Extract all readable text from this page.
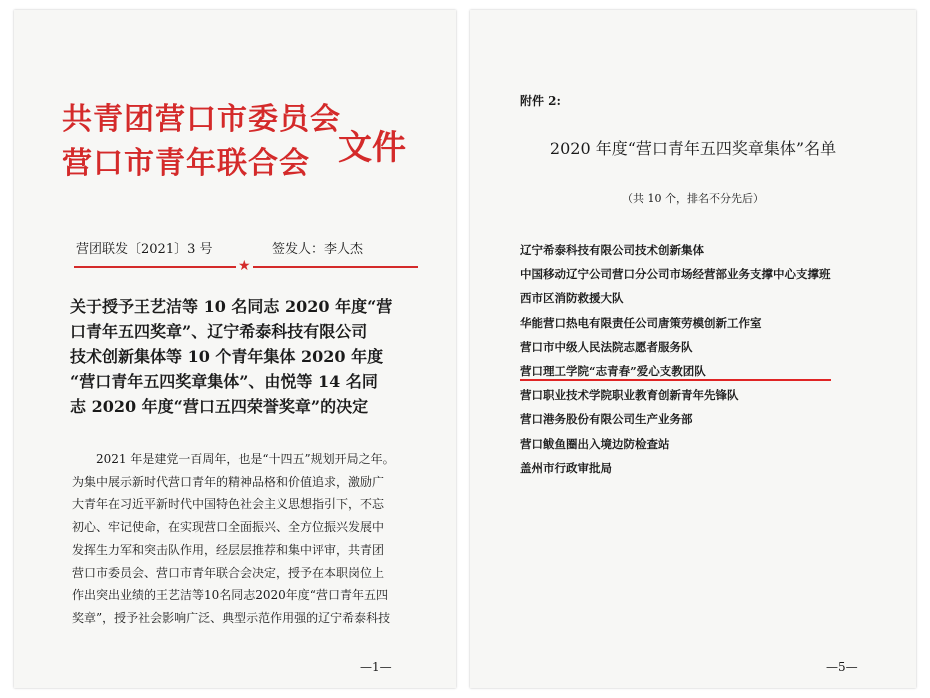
共青团营口市委员会
营口市青年联合会 文件
营团联发〔2021〕3 号	签发人：李人杰
★
关于授予王艺洁等 10 名同志 2020 年度“营
口青年五四奖章”、辽宁希泰科技有限公司
技术创新集体等 10 个青年集体 2020 年度
“营口青年五四奖章集体”、由悦等 14 名同
志 2020 年度“营口五四荣誉奖章”的决定
　　2021 年是建党一百周年，也是“十四五”规划开局之年。
为集中展示新时代营口青年的精神品格和价值追求，激励广
大青年在习近平新时代中国特色社会主义思想指引下，不忘
初心、牢记使命，在实现营口全面振兴、全方位振兴发展中
发挥生力军和突击队作用，经层层推荐和集中评审，共青团
营口市委员会、营口市青年联合会决定，授予在本职岗位上
作出突出业绩的王艺洁等10名同志2020年度“营口青年五四
奖章”，授予社会影响广泛、典型示范作用强的辽宁希泰科技
—1—
附件 2:
2020 年度“营口青年五四奖章集体”名单
（共 10 个，排名不分先后）
辽宁希泰科技有限公司技术创新集体
中国移动辽宁公司营口分公司市场经营部业务支撑中心支撑班
西市区消防救援大队
华能营口热电有限责任公司唐策劳模创新工作室
营口市中级人民法院志愿者服务队
营口理工学院“志青春”爱心支教团队
营口职业技术学院职业教育创新青年先锋队
营口港务股份有限公司生产业务部
营口鲅鱼圈出入境边防检查站
盖州市行政审批局
—5—
